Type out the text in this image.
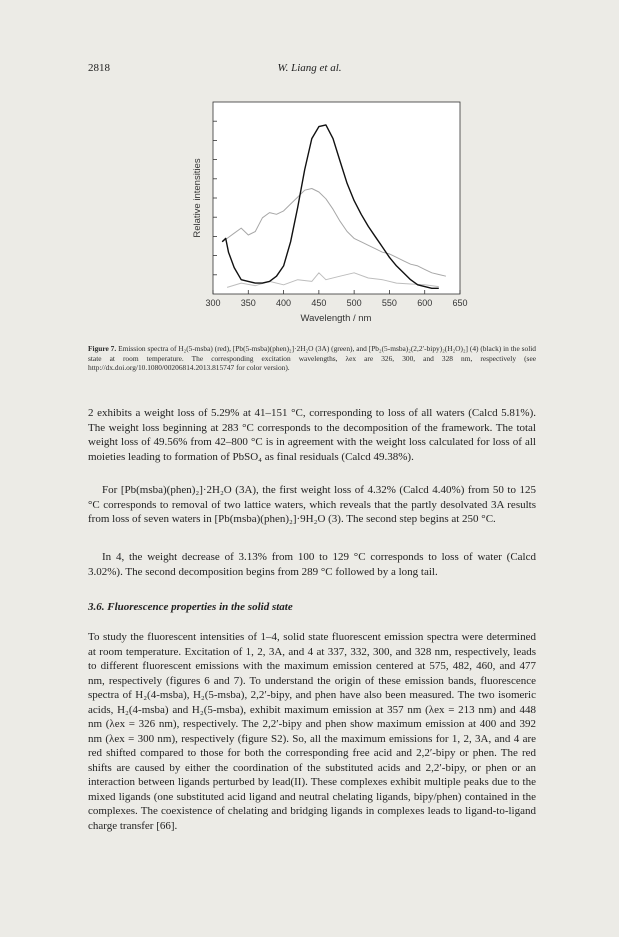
2818	W. Liang et al.
300 350 400 450 500 550 600 650
Relative intensities
Wavelength / nm
Figure 7. Emission spectra of H₂(5-msba) (red), [Pb(5-msba)(phen)₂]·2H₂O (3A) (green), and [Pb₂(5-msba)₂(2,2′-bipy)₂(H₂O)₂] (4) (black) in the solid state at room temperature. The corresponding excitation wavelengths, λex are 326, 300, and 328 nm, respectively (see http://dx.doi.org/10.1080/00206814.2013.815747 for color version).
2 exhibits a weight loss of 5.29% at 41–151 °C, corresponding to loss of all waters (Calcd 5.81%). The weight loss beginning at 283 °C corresponds to the decomposition of the framework. The total weight loss of 49.56% from 42–800 °C is in agreement with the weight loss calculated for loss of all moieties leading to formation of PbSO₄ as final residuals (Calcd 49.38%).
For [Pb(msba)(phen)₂]·2H₂O (3A), the first weight loss of 4.32% (Calcd 4.40%) from 50 to 125 °C corresponds to removal of two lattice waters, which reveals that the partly desolvated 3A results from loss of seven waters in [Pb(msba)(phen)₂]·9H₂O (3). The second step begins at 250 °C.
In 4, the weight decrease of 3.13% from 100 to 129 °C corresponds to loss of water (Calcd 3.02%). The second decomposition begins from 289 °C followed by a long tail.
3.6. Fluorescence properties in the solid state
To study the fluorescent intensities of 1–4, solid state fluorescent emission spectra were determined at room temperature. Excitation of 1, 2, 3A, and 4 at 337, 332, 300, and 328 nm, respectively, leads to different fluorescent emissions with the maximum emission centered at 575, 482, 460, and 477 nm, respectively (figures 6 and 7). To understand the origin of these emission bands, fluorescence spectra of H₂(4-msba), H₂(5-msba), 2,2′-bipy, and phen have also been measured. The two isomeric acids, H₂(4-msba) and H₂(5-msba), exhibit maximum emission at 357 nm (λex = 213 nm) and 448 nm (λex = 326 nm), respectively. The 2,2′-bipy and phen show maximum emission at 400 and 392 nm (λex = 300 nm), respectively (figure S2). So, all the maximum emissions for 1, 2, 3A, and 4 are red shifted compared to those for both the corresponding free acid and 2,2′-bipy or phen. The red shifts are caused by either the coordination of the substituted acids and 2,2′-bipy, or phen or an interaction between ligands perturbed by lead(II). These complexes exhibit multiple peaks due to the mixed ligands (one substituted acid ligand and neutral chelating ligands, bipy/phen) contained in the complexes. The coexistence of chelating and bridging ligands in complexes leads to ligand-to-ligand charge transfer [66].
